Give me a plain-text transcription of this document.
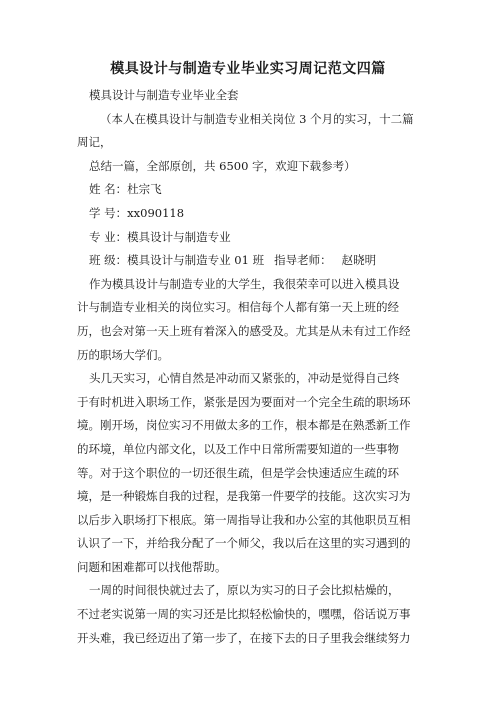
模具设计与制造专业毕业实习周记范文四篇
模具设计与制造专业毕业全套
（本人在模具设计与制造专业相关岗位 3 个月的实习，十二篇
周记，
总结一篇，全部原创，共 6500 字，欢迎下载参考）
姓 名：杜宗飞
学 号：xx090118
专 业：模具设计与制造专业
班 级：模具设计与制造专业 01 班 指导老师： 赵晓明
作为模具设计与制造专业的大学生，我很荣幸可以进入模具设
计与制造专业相关的岗位实习。相信每个人都有第一天上班的经
历，也会对第一天上班有着深入的感受及。尤其是从未有过工作经
历的职场大学们。
头几天实习，心情自然是冲动而又紧张的，冲动是觉得自己终
于有时机进入职场工作，紧张是因为要面对一个完全生疏的职场环
境。刚开场，岗位实习不用做太多的工作，根本都是在熟悉新工作
的环境，单位内部文化，以及工作中日常所需要知道的一些事物
等。对于这个职位的一切还很生疏，但是学会快速适应生疏的环
境，是一种锻炼自我的过程，是我第一件要学的技能。这次实习为
以后步入职场打下根底。第一周指导让我和办公室的其他职员互相
认识了一下，并给我分配了一个师父，我以后在这里的实习遇到的
问题和困难都可以找他帮助。
一周的时间很快就过去了，原以为实习的日子会比拟枯燥的，
不过老实说第一周的实习还是比拟轻松愉快的，嘿嘿，俗话说万事
开头难，我已经迈出了第一步了，在接下去的日子里我会继续努力
